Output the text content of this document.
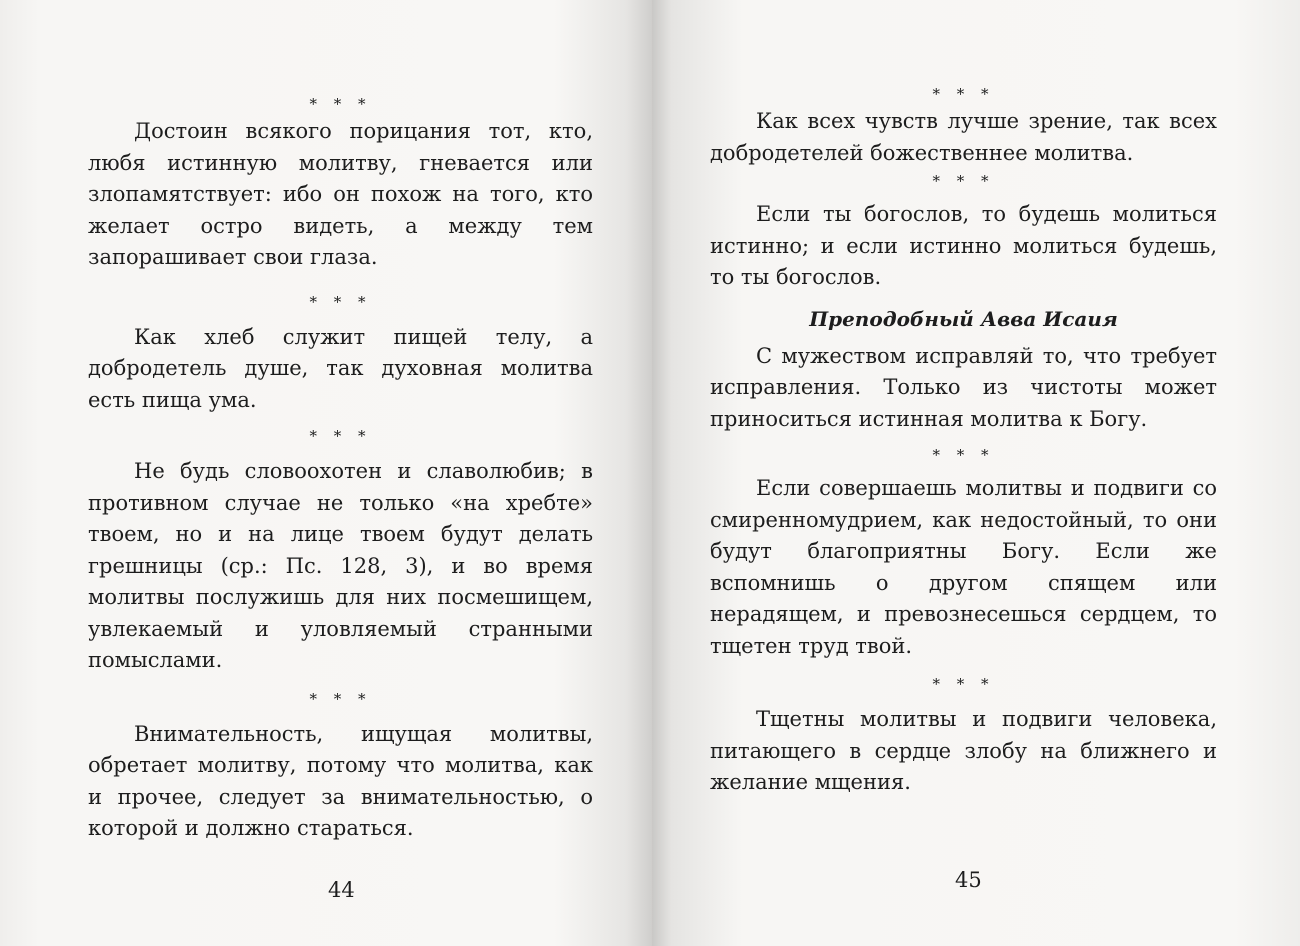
* * *

Достоин всякого порицания тот, кто, любя истинную молитву, гневается или злопамятствует: ибо он похож на того, кто желает остро видеть, а между тем запорашивает свои глаза.

* * *

Как хлеб служит пищей телу, а добродетель душе, так духовная молитва есть пища ума.

* * *

Не будь словоохотен и славолюбив; в противном случае не только «на хребте» твоем, но и на лице твоем будут делать грешницы (ср.: Пс. 128, 3), и во время молитвы послужишь для них посмешищем, увлекаемый и уловляемый странными помыслами.

* * *

Внимательность, ищущая молитвы, обретает молитву, потому что молитва, как и прочее, следует за внимательностью, о которой и должно стараться.

44

* * *

Как всех чувств лучше зрение, так всех добродетелей божественнее молитва.

* * *

Если ты богослов, то будешь молиться истинно; и если истинно молиться будешь, то ты богослов.

Преподобный Авва Исаия

С мужеством исправляй то, что требует исправления. Только из чистоты может приноситься истинная молитва к Богу.

* * *

Если совершаешь молитвы и подвиги со смиренномудрием, как недостойный, то они будут благоприятны Богу. Если же вспомнишь о другом спящем или нерадящем, и превознесешься сердцем, то тщетен труд твой.

* * *

Тщетны молитвы и подвиги человека, питающего в сердце злобу на ближнего и желание мщения.

45
